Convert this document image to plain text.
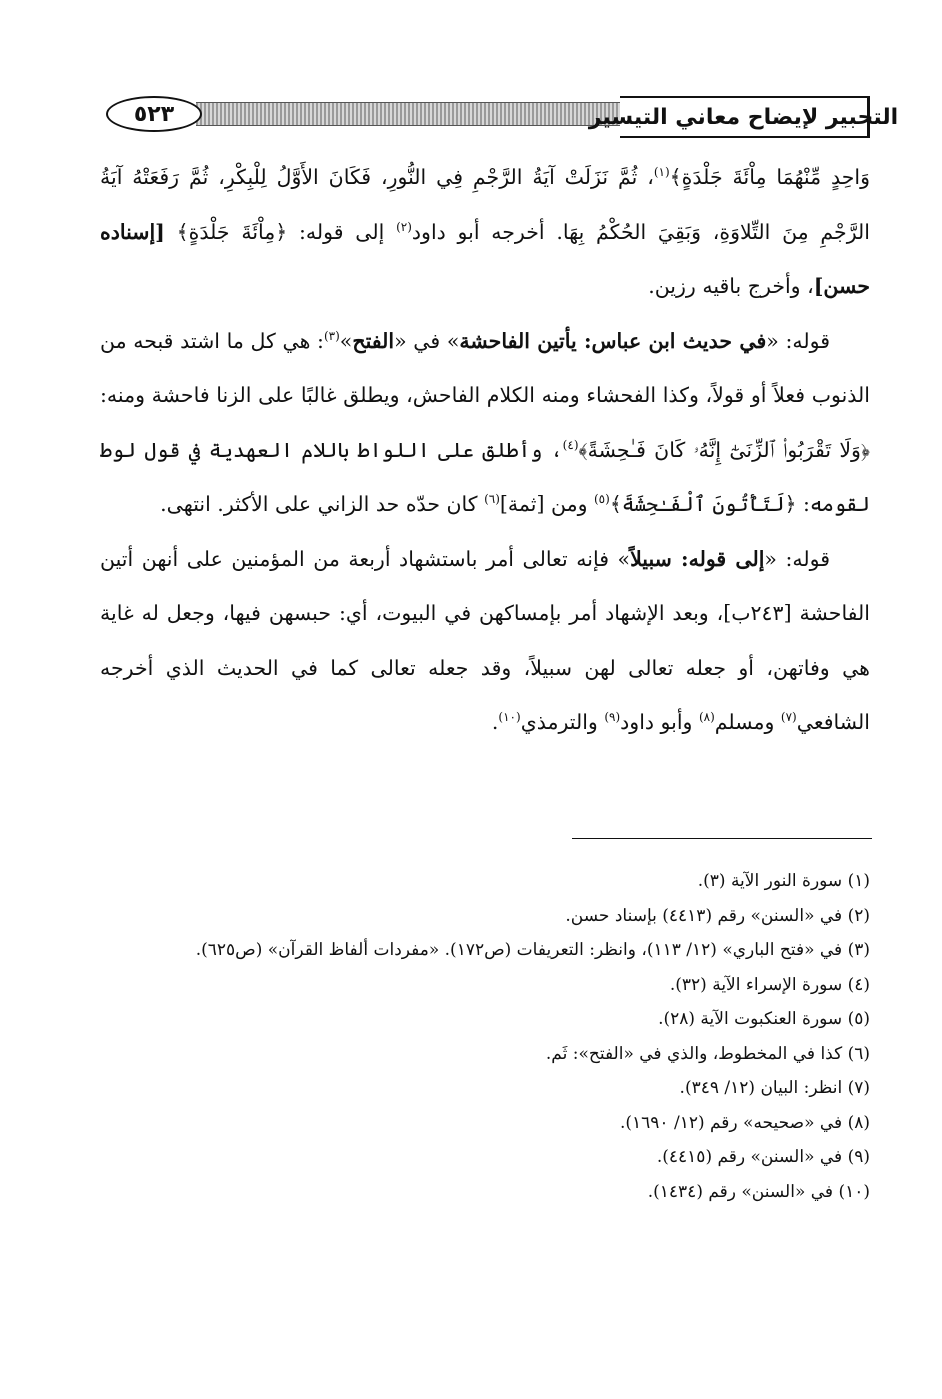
٥٢٣	التحبير لإيضاح معاني التيسير

وَاحِدٍ مِّنْهُمَا مِاْئَةَ جَلْدَةٍ﴾$^{(١)}$، ثُمَّ نَزَلَتْ آيَةُ الرَّجْمِ فِي النُّورِ، فَكَانَ الأَوَّلُ لِلْبِكْرِ، ثُمَّ رَفَعَتْهُ آيَةُ الرَّجْمِ مِنَ التِّلاوَةِ، وَبَقِيَ الحُكْمُ بِهَا. أخرجه أبو داود$^{(٢)}$ إلى قوله: ﴿مِاْئَةَ جَلْدَةٍ﴾ [إسناده حسن]، وأخرج باقيه رزين.

قوله: «في حديث ابن عباس: يأتين الفاحشة» في «الفتح»$^{(٣)}$: هي كل ما اشتد قبحه من الذنوب فعلاً أو قولاً، وكذا الفحشاء ومنه الكلام الفاحش، ويطلق غالبًا على الزنا فاحشة ومنه: ﴿وَلَا تَقْرَبُوا۟ ٱلزِّنَىٰٓ إِنَّهُۥ كَانَ فَـٰحِشَةً﴾$^{(٤)}$، وأطلق على اللواط باللام العهدية في قول لوط لقومه: ﴿لَتَأْتُونَ ٱلْفَـٰحِشَةَ﴾$^{(٥)}$ ومن [ثمة]$^{(٦)}$ كان حدّه حد الزاني على الأكثر. انتهى.

قوله: «إلى قوله: سبيلاً» فإنه تعالى أمر باستشهاد أربعة من المؤمنين على أنهن أتين الفاحشة [٢٤٣ب]، وبعد الإشهاد أمر بإمساكهن في البيوت، أي: حبسهن فيها، وجعل له غاية هي وفاتهن، أو جعله تعالى لهن سبيلاً، وقد جعله تعالى كما في الحديث الذي أخرجه الشافعي$^{(٧)}$ ومسلم$^{(٨)}$ وأبو داود$^{(٩)}$ والترمذي$^{(١٠)}$.

(١) سورة النور الآية (٣).
(٢) في «السنن» رقم (٤٤١٣) بإسناد حسن.
(٣) في «فتح الباري» (١٢/ ١١٣)، وانظر: التعريفات (ص١٧٢). «مفردات ألفاظ القرآن» (ص٦٢٥).
(٤) سورة الإسراء الآية (٣٢).
(٥) سورة العنكبوت الآية (٢٨).
(٦) كذا في المخطوط، والذي في «الفتح»: ثَم.
(٧) انظر: البيان (١٢/ ٣٤٩).
(٨) في «صحيحه» رقم (١٢/ ١٦٩٠).
(٩) في «السنن» رقم (٤٤١٥).
(١٠) في «السنن» رقم (١٤٣٤).
